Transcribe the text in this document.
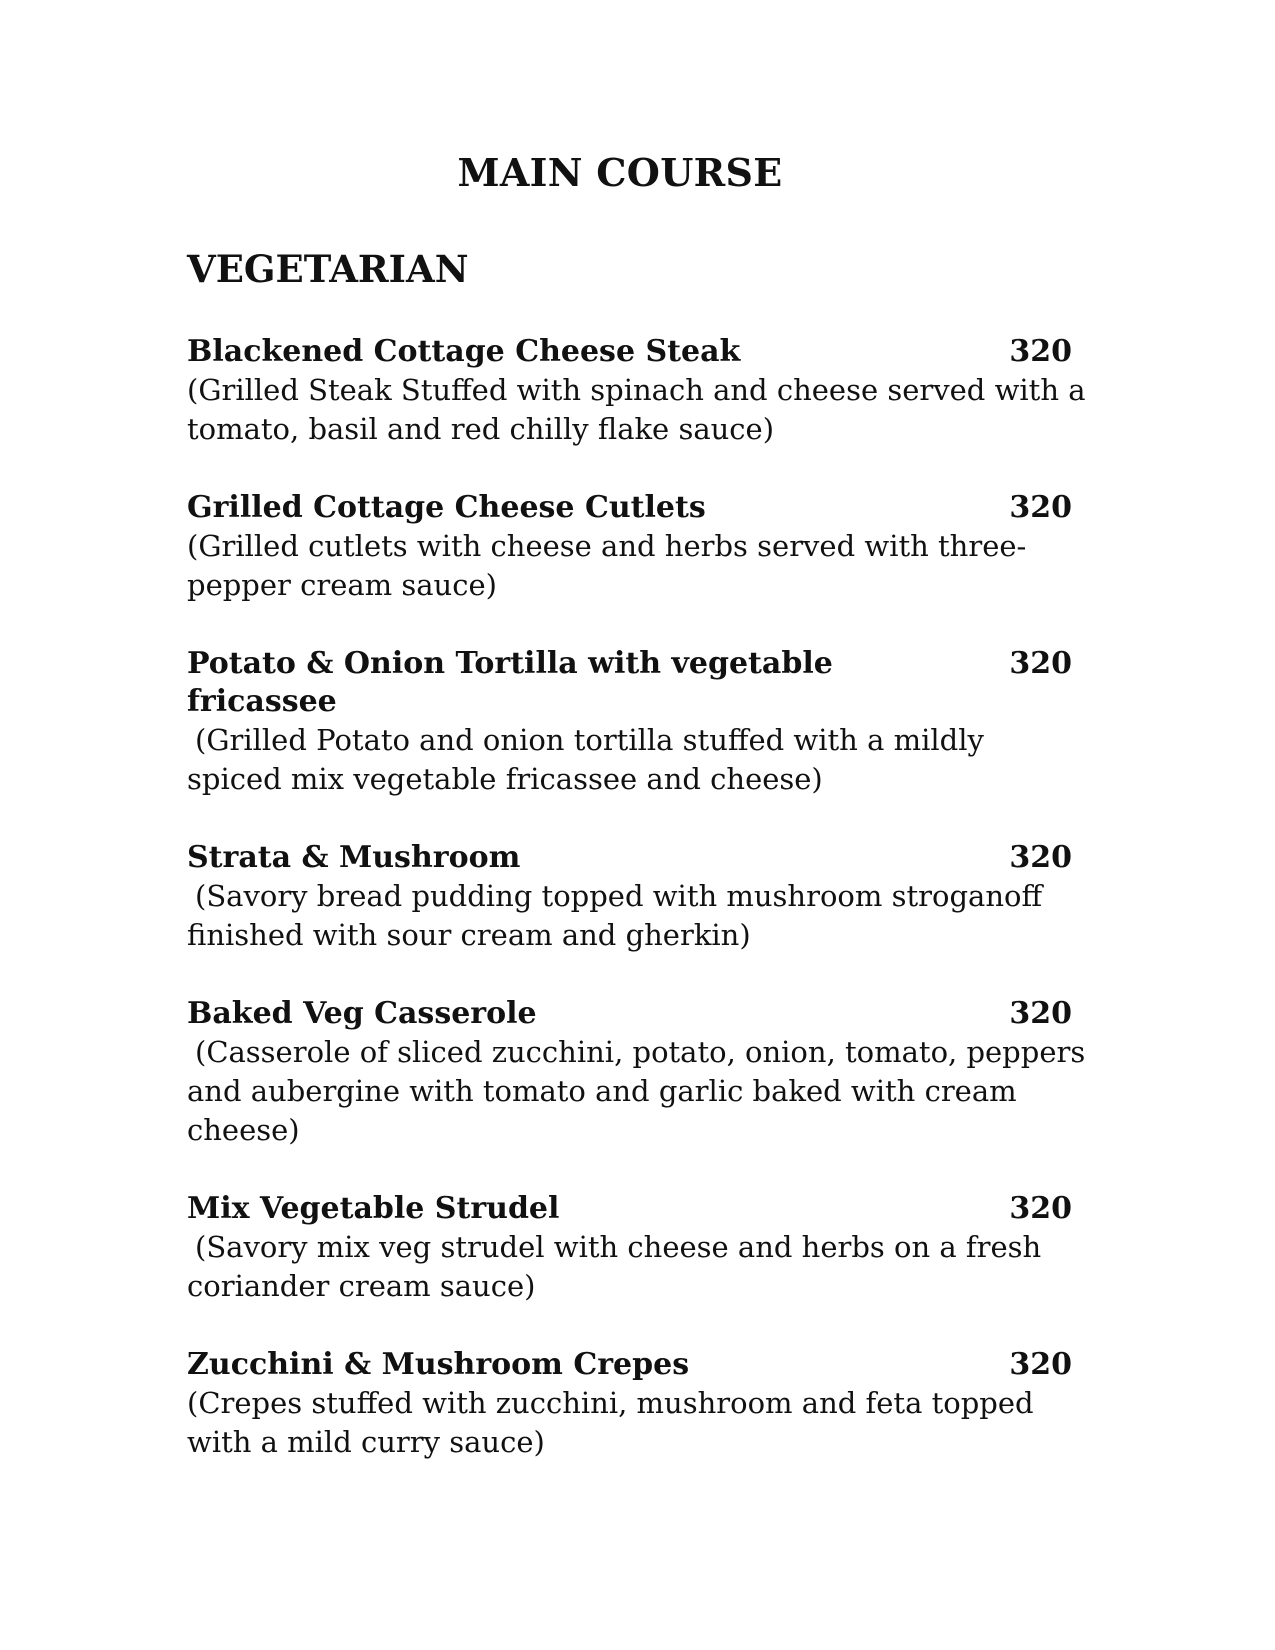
MAIN COURSE
VEGETARIAN
Blackened Cottage Cheese Steak	320

(Grilled Steak Stuffed with spinach and cheese served with a tomato, basil and red chilly flake sauce)

Grilled Cottage Cheese Cutlets	320

(Grilled cutlets with cheese and herbs served with three-pepper cream sauce)

Potato & Onion Tortilla with vegetable fricassee
320

(Grilled Potato and onion tortilla stuffed with a mildly spiced mix vegetable fricassee and cheese)

Strata & Mushroom	320

(Savory bread pudding topped with mushroom stroganoff finished with sour cream and gherkin)

Baked Veg Casserole	320

(Casserole of sliced zucchini, potato, onion, tomato, peppers and aubergine with tomato and garlic baked with cream cheese)

Mix Vegetable Strudel	320

(Savory mix veg strudel with cheese and herbs on a fresh coriander cream sauce)

Zucchini & Mushroom Crepes	320

(Crepes stuffed with zucchini, mushroom and feta topped with a mild curry sauce)
